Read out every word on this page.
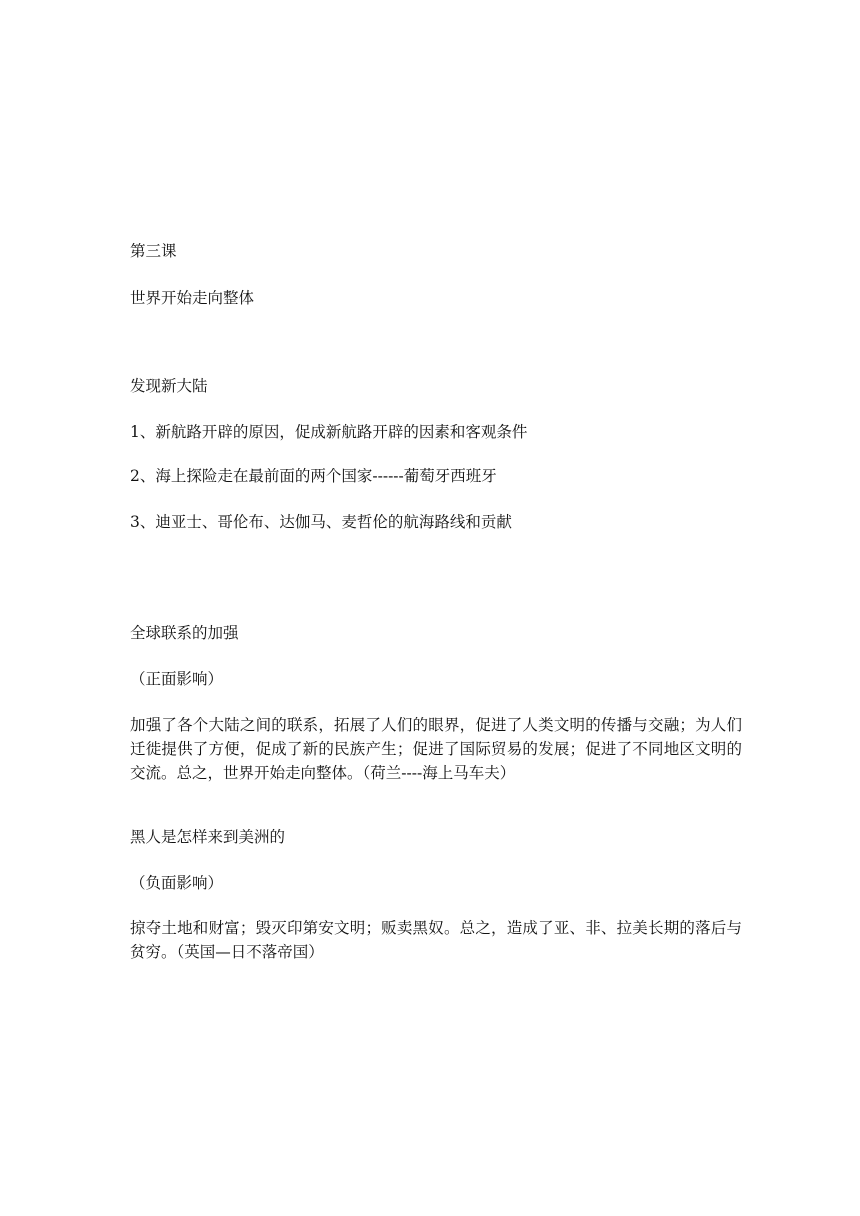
第三课

世界开始走向整体

发现新大陆

1、新航路开辟的原因，促成新航路开辟的因素和客观条件

2、海上探险走在最前面的两个国家------葡萄牙西班牙

3、迪亚士、哥伦布、达伽马、麦哲伦的航海路线和贡献

全球联系的加强

（正面影响）

加强了各个大陆之间的联系，拓展了人们的眼界，促进了人类文明的传播与交融；为人们迁徙提供了方便，促成了新的民族产生；促进了国际贸易的发展；促进了不同地区文明的交流。总之，世界开始走向整体。（荷兰----海上马车夫）

黑人是怎样来到美洲的

（负面影响）

掠夺土地和财富；毁灭印第安文明；贩卖黑奴。总之，造成了亚、非、拉美长期的落后与贫穷。（英国—日不落帝国）
